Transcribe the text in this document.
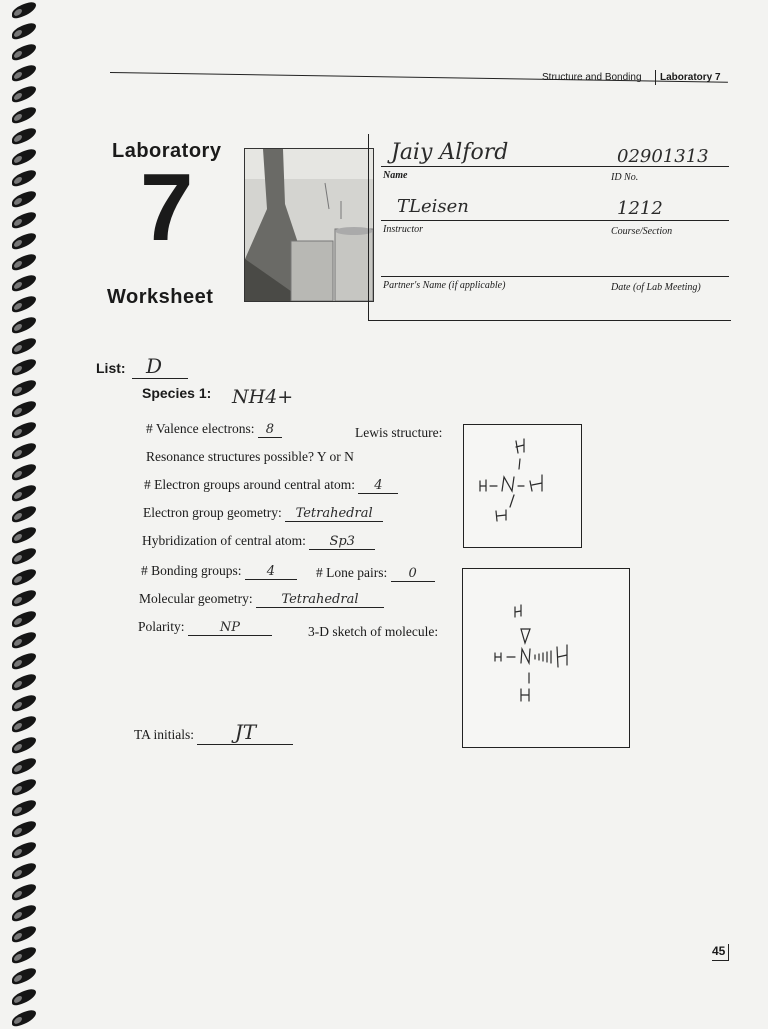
Structure and Bonding	Laboratory 7
Laboratory
7
Worksheet
Jaiy Alford
Name
02901313
ID No.
TLeisen
Instructor
1212
Course/Section
Partner's Name (if applicable)	Date (of Lab Meeting)
List: D
Species 1: NH4+
# Valence electrons: 8	Lewis structure:
Resonance structures possible? Y or N
# Electron groups around central atom: 4
Electron group geometry: Tetrahedral
Hybridization of central atom: Sp3
# Bonding groups: 4	# Lone pairs: 0
Molecular geometry: Tetrahedral
Polarity:	NP	3-D sketch of molecule:
TA initials: JT
45
